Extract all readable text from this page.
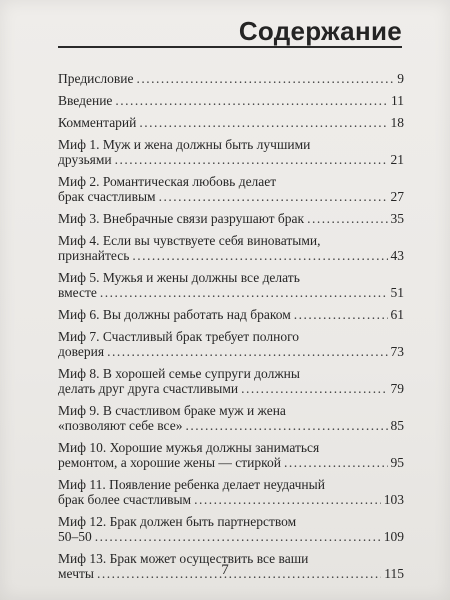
Содержание
Предисловие .....	9
Введение .....	11
Комментарий .....	18
Миф 1. Муж и жена должны быть лучшими
друзьями .....	21
Миф 2. Романтическая любовь делает
брак счастливым .....	27
Миф 3. Внебрачные связи разрушают брак .....	35
Миф 4. Если вы чувствуете себя виноватыми,
признайтесь .....	43
Миф 5. Мужья и жены должны все делать
вместе .....	51
Миф 6. Вы должны работать над браком .....	61
Миф 7. Счастливый брак требует полного
доверия .....	73
Миф 8. В хорошей семье супруги должны
делать друг друга счастливыми .....	79
Миф 9. В счастливом браке муж и жена
«позволяют себе все» .....	85
Миф 10. Хорошие мужья должны заниматься
ремонтом, а хорошие жены — стиркой .....	95
Миф 11. Появление ребенка делает неудачный
брак более счастливым .....	103
Миф 12. Брак должен быть партнерством
50–50 .....	109
Миф 13. Брак может осуществить все ваши
мечты .....	115
7
